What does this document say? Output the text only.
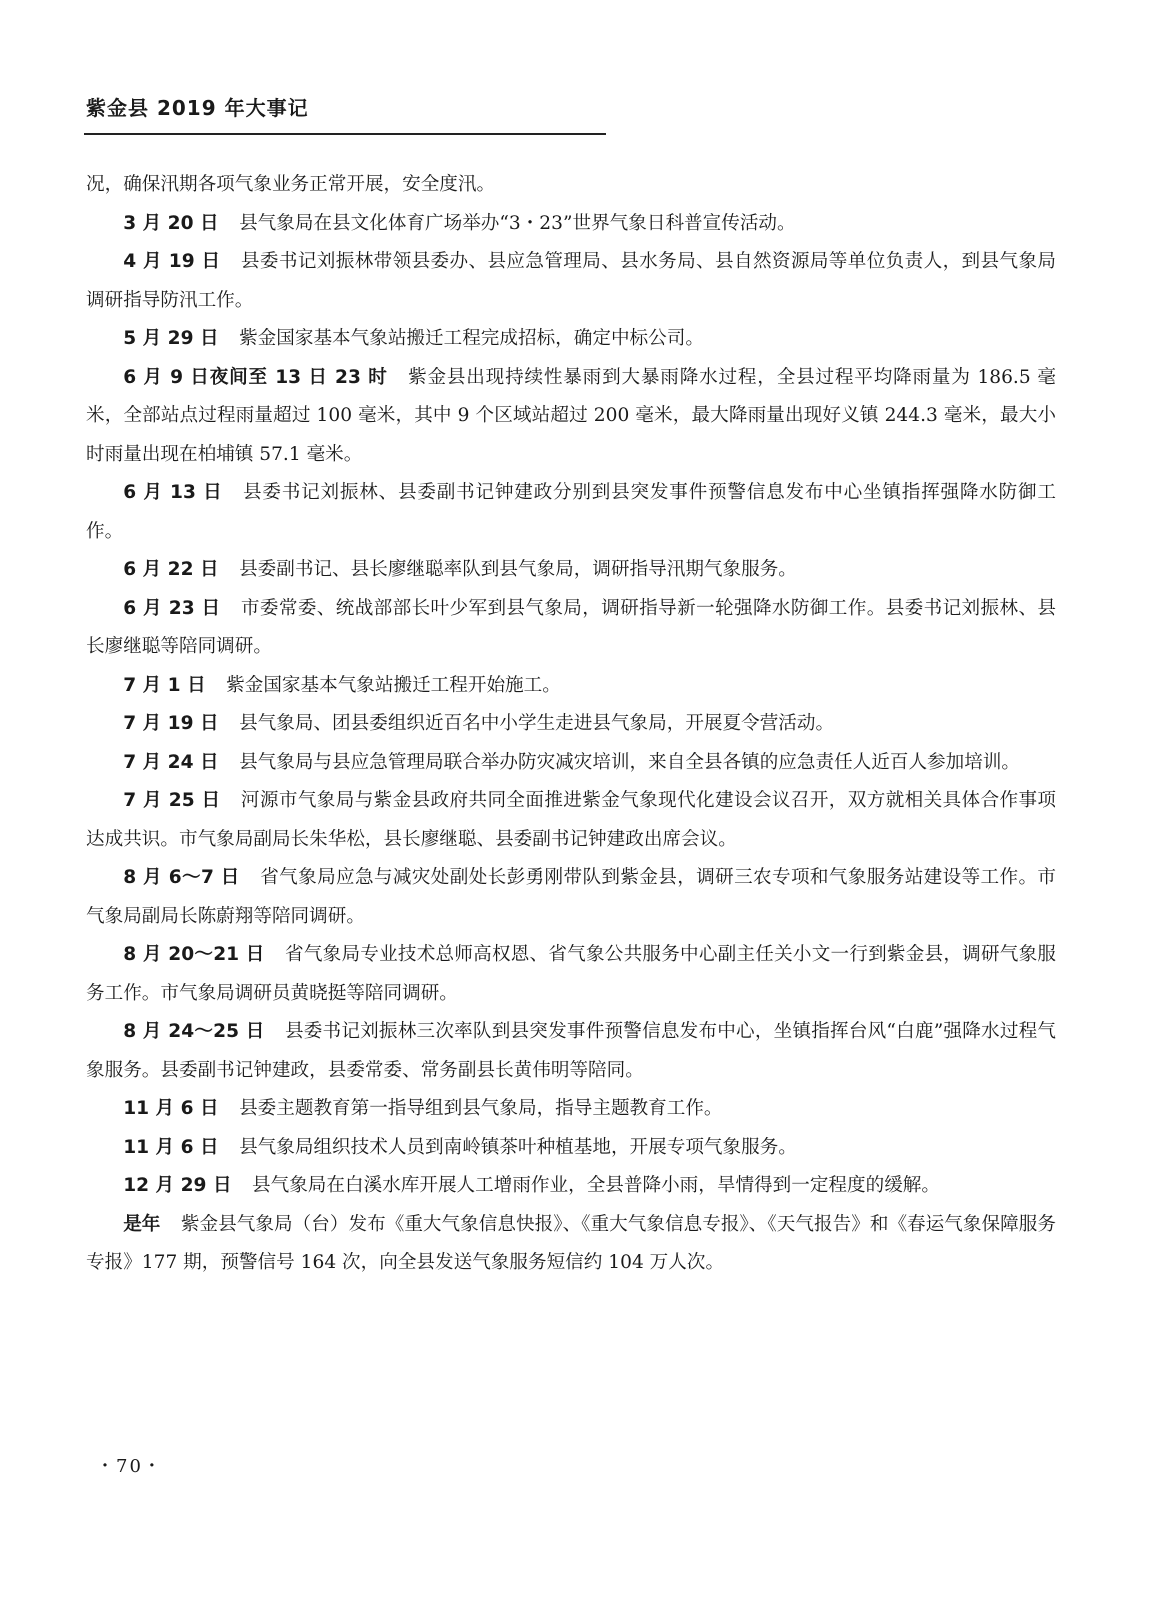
紫金县 2019 年大事记

况，确保汛期各项气象业务正常开展，安全度汛。

3 月 20 日 县气象局在县文化体育广场举办“3・23”世界气象日科普宣传活动。

4 月 19 日 县委书记刘振林带领县委办、县应急管理局、县水务局、县自然资源局等单位负责人，到县气象局调研指导防汛工作。

5 月 29 日 紫金国家基本气象站搬迁工程完成招标，确定中标公司。

6 月 9 日夜间至 13 日 23 时 紫金县出现持续性暴雨到大暴雨降水过程，全县过程平均降雨量为 186.5 毫米，全部站点过程雨量超过 100 毫米，其中 9 个区域站超过 200 毫米，最大降雨量出现好义镇 244.3 毫米，最大小时雨量出现在柏埔镇 57.1 毫米。

6 月 13 日 县委书记刘振林、县委副书记钟建政分别到县突发事件预警信息发布中心坐镇指挥强降水防御工作。

6 月 22 日 县委副书记、县长廖继聪率队到县气象局，调研指导汛期气象服务。

6 月 23 日 市委常委、统战部部长叶少军到县气象局，调研指导新一轮强降水防御工作。县委书记刘振林、县长廖继聪等陪同调研。

7 月 1 日 紫金国家基本气象站搬迁工程开始施工。

7 月 19 日 县气象局、团县委组织近百名中小学生走进县气象局，开展夏令营活动。

7 月 24 日 县气象局与县应急管理局联合举办防灾减灾培训，来自全县各镇的应急责任人近百人参加培训。

7 月 25 日 河源市气象局与紫金县政府共同全面推进紫金气象现代化建设会议召开，双方就相关具体合作事项达成共识。市气象局副局长朱华松，县长廖继聪、县委副书记钟建政出席会议。

8 月 6～7 日 省气象局应急与减灾处副处长彭勇刚带队到紫金县，调研三农专项和气象服务站建设等工作。市气象局副局长陈蔚翔等陪同调研。

8 月 20～21 日 省气象局专业技术总师高权恩、省气象公共服务中心副主任关小文一行到紫金县，调研气象服务工作。市气象局调研员黄晓挺等陪同调研。

8 月 24～25 日 县委书记刘振林三次率队到县突发事件预警信息发布中心，坐镇指挥台风“白鹿”强降水过程气象服务。县委副书记钟建政，县委常委、常务副县长黄伟明等陪同。

11 月 6 日 县委主题教育第一指导组到县气象局，指导主题教育工作。

11 月 6 日 县气象局组织技术人员到南岭镇茶叶种植基地，开展专项气象服务。

12 月 29 日 县气象局在白溪水库开展人工增雨作业，全县普降小雨，旱情得到一定程度的缓解。

是年 紫金县气象局（台）发布《重大气象信息快报》、《重大气象信息专报》、《天气报告》和《春运气象保障服务专报》177 期，预警信号 164 次，向全县发送气象服务短信约 104 万人次。

・70・
